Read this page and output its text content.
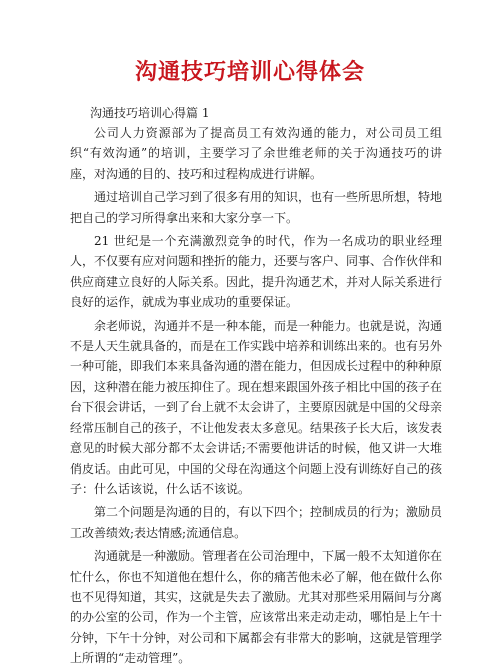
沟通技巧培训心得体会
沟通技巧培训心得篇 1

公司人力资源部为了提高员工有效沟通的能力，对公司员工组织“有效沟通”的培训，主要学习了余世维老师的关于沟通技巧的讲座，对沟通的目的、技巧和过程构成进行讲解。

通过培训自己学习到了很多有用的知识，也有一些所思所想，特地把自己的学习所得拿出来和大家分享一下。

21 世纪是一个充满激烈竞争的时代，作为一名成功的职业经理人，不仅要有应对问题和挫折的能力，还要与客户、同事、合作伙伴和供应商建立良好的人际关系。因此，提升沟通艺术，并对人际关系进行良好的运作，就成为事业成功的重要保证。

余老师说，沟通并不是一种本能，而是一种能力。也就是说，沟通不是人天生就具备的，而是在工作实践中培养和训练出来的。也有另外一种可能，即我们本来具备沟通的潜在能力，但因成长过程中的种种原因，这种潜在能力被压抑住了。现在想来跟国外孩子相比中国的孩子在台下很会讲话，一到了台上就不太会讲了，主要原因就是中国的父母亲经常压制自己的孩子，不让他发表太多意见。结果孩子长大后，该发表意见的时候大部分都不太会讲话;不需要他讲话的时候，他又讲一大堆俏皮话。由此可见，中国的父母在沟通这个问题上没有训练好自己的孩子：什么话该说，什么话不该说。

第二个问题是沟通的目的，有以下四个；控制成员的行为；激励员工改善绩效;表达情感;流通信息。

沟通就是一种激励。管理者在公司治理中，下属一般不太知道你在忙什么，你也不知道他在想什么，你的痛苦他未必了解，他在做什么你也不见得知道，其实，这就是失去了激励。尤其对那些采用隔间与分离的办公室的公司，作为一个主管，应该常出来走动走动，哪怕是上午十分钟，下午十分钟，对公司和下属都会有非常大的影响，这就是管理学上所谓的“走动管理”。
